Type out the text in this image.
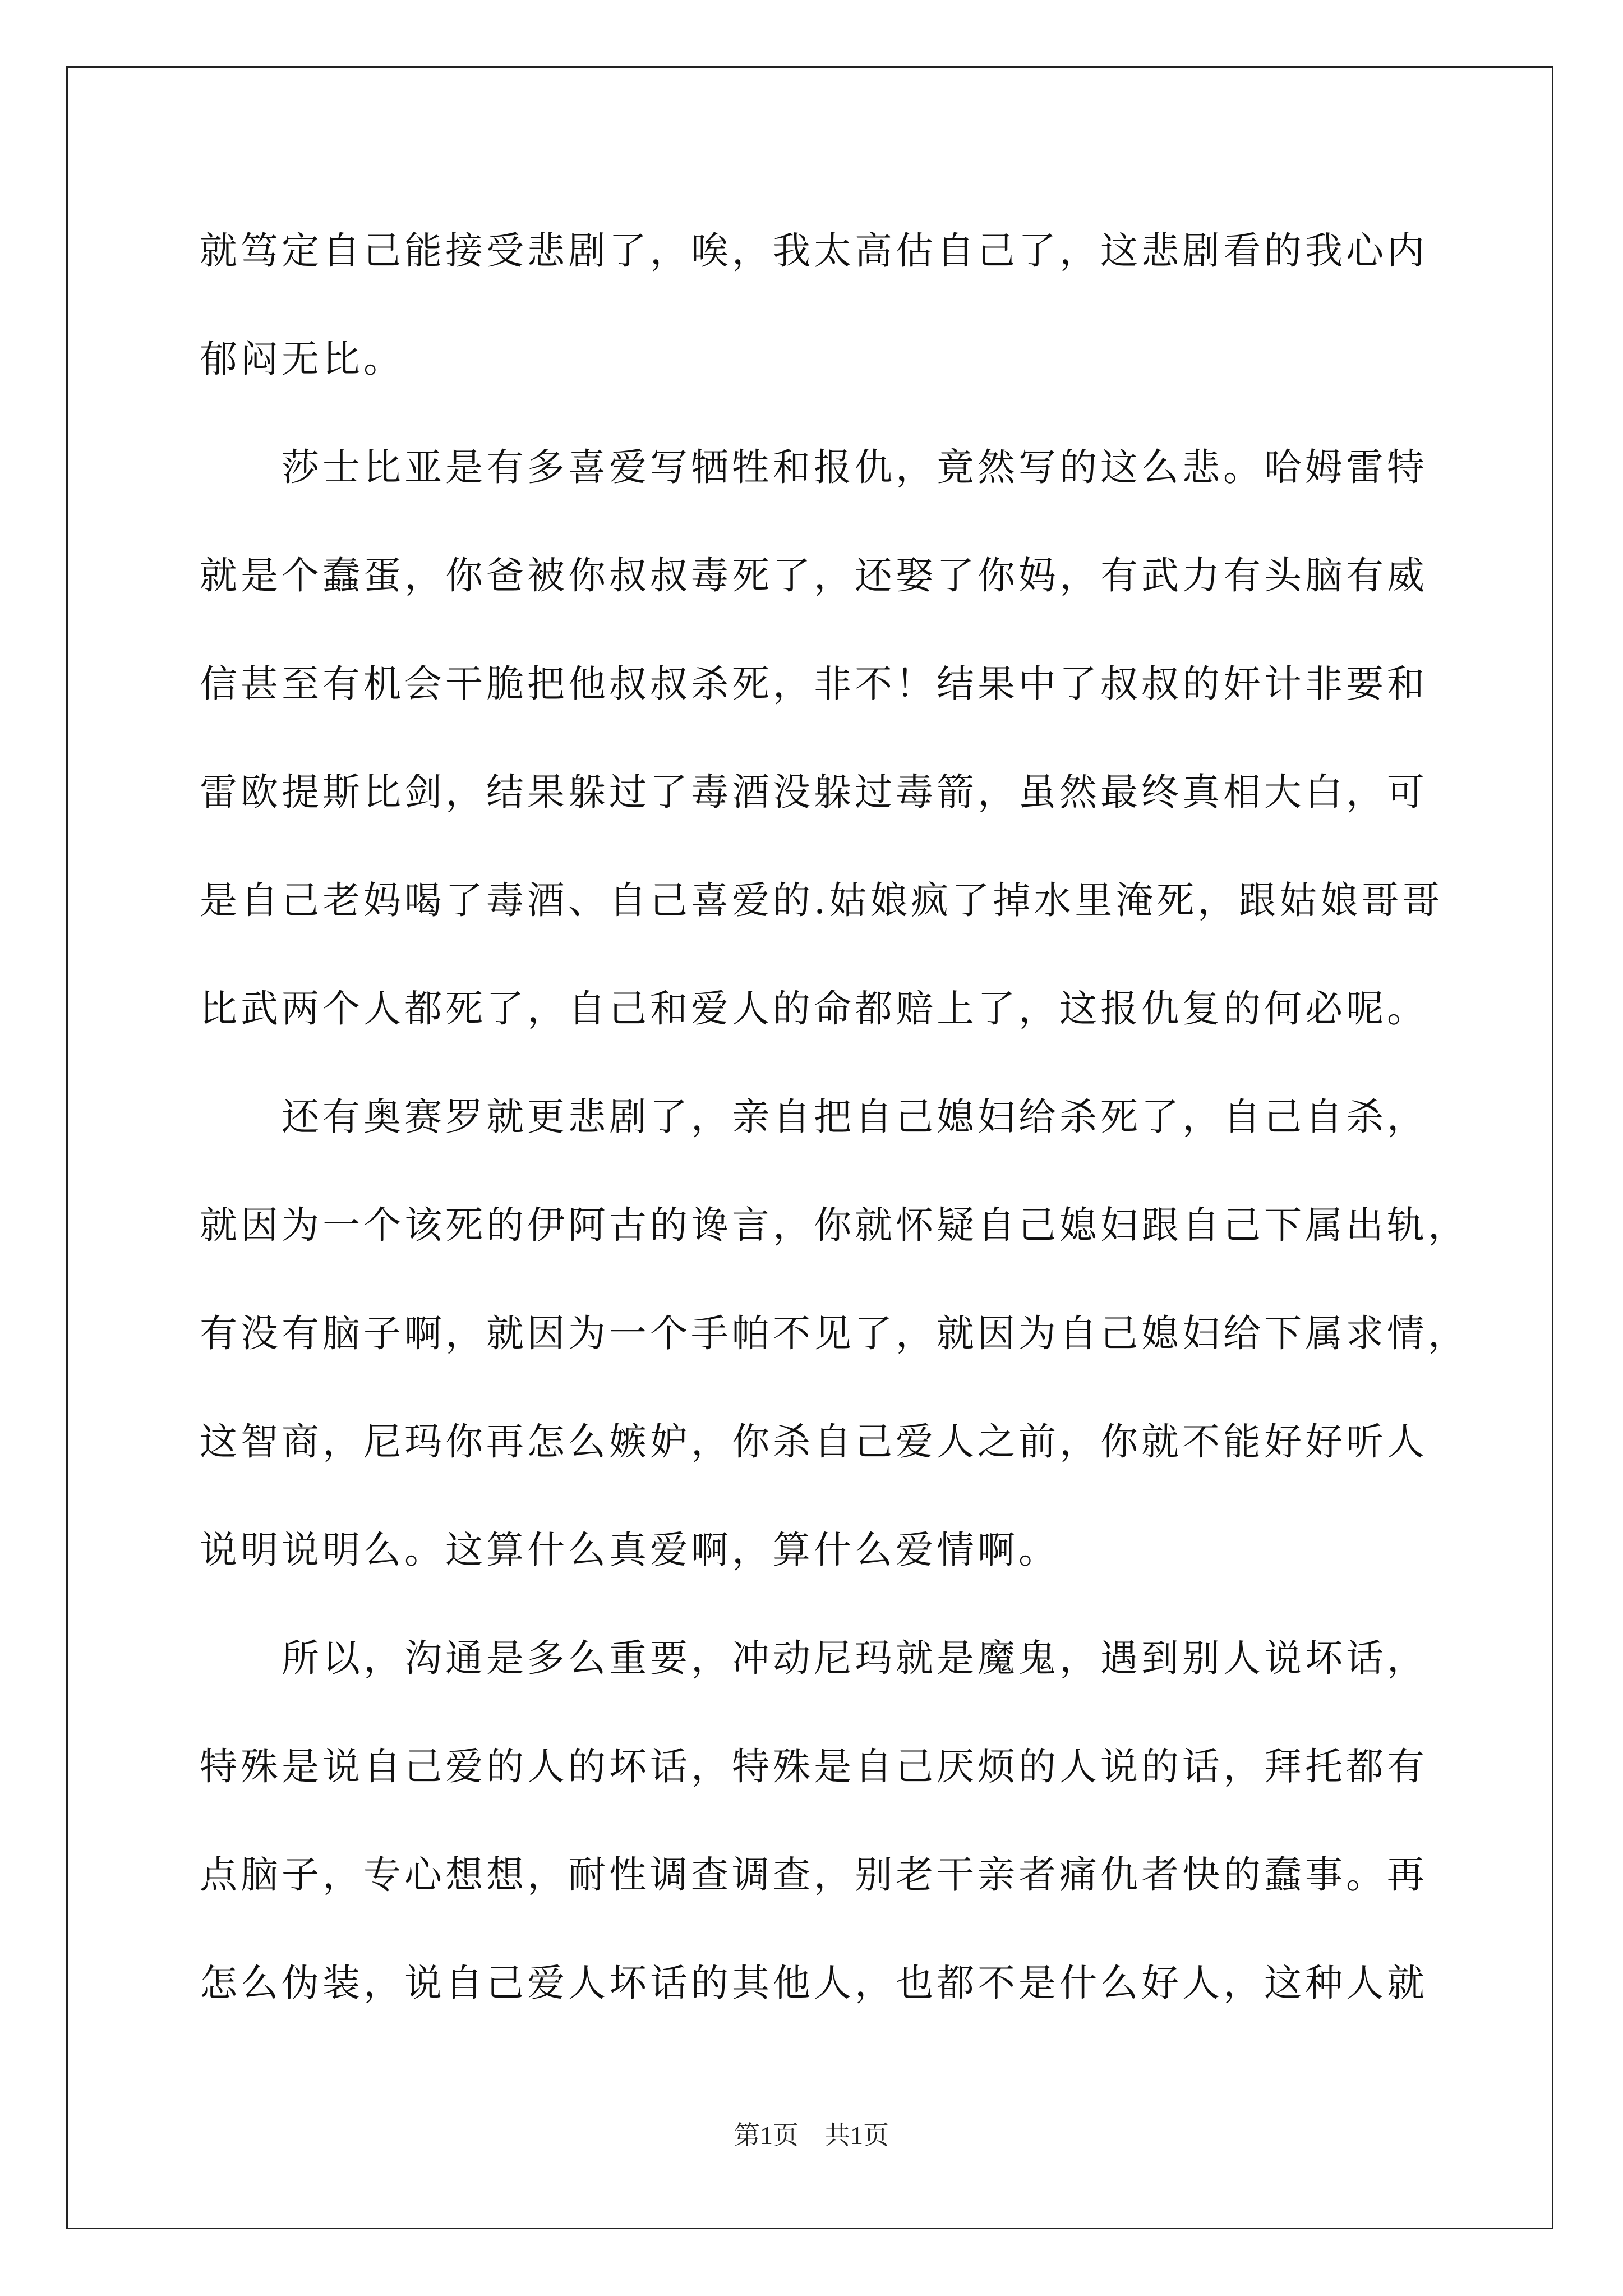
就笃定自己能接受悲剧了，唉，我太高估自己了，这悲剧看的我心内
郁闷无比。
　　莎士比亚是有多喜爱写牺牲和报仇，竟然写的这么悲。哈姆雷特
就是个蠢蛋，你爸被你叔叔毒死了，还娶了你妈，有武力有头脑有威
信甚至有机会干脆把他叔叔杀死，非不！结果中了叔叔的奸计非要和
雷欧提斯比剑，结果躲过了毒酒没躲过毒箭，虽然最终真相大白，可
是自己老妈喝了毒酒、自己喜爱的.姑娘疯了掉水里淹死，跟姑娘哥哥
比武两个人都死了，自己和爱人的命都赔上了，这报仇复的何必呢。
　　还有奥赛罗就更悲剧了，亲自把自己媳妇给杀死了，自己自杀，
就因为一个该死的伊阿古的谗言，你就怀疑自己媳妇跟自己下属出轨，
有没有脑子啊，就因为一个手帕不见了，就因为自己媳妇给下属求情，
这智商，尼玛你再怎么嫉妒，你杀自己爱人之前，你就不能好好听人
说明说明么。这算什么真爱啊，算什么爱情啊。
　　所以，沟通是多么重要，冲动尼玛就是魔鬼，遇到别人说坏话，
特殊是说自己爱的人的坏话，特殊是自己厌烦的人说的话，拜托都有
点脑子，专心想想，耐性调查调查，别老干亲者痛仇者快的蠢事。再
怎么伪装，说自己爱人坏话的其他人，也都不是什么好人，这种人就
第1页　共1页
